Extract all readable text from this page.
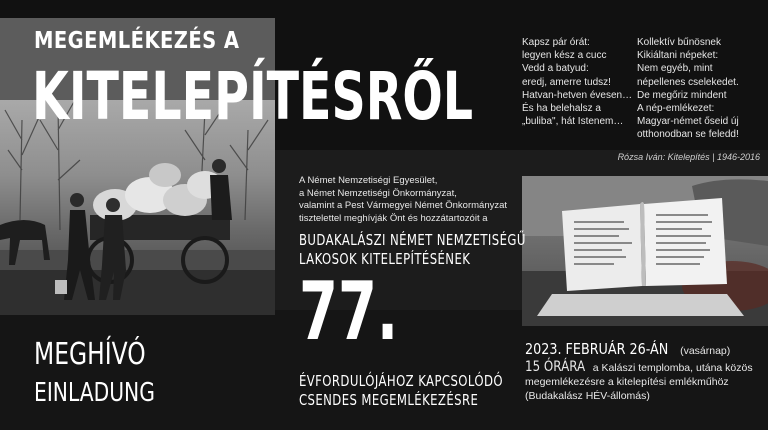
MEGEMLÉKEZÉS A
KITELEPÍTÉSRŐL
Kapsz pár órát:
legyen kész a cucc
Vedd a batyud:
eredj, amerre tudsz!
Hatvan-hetven évesen…
És ha belehalsz a
„buliba", hát Istenem…
Kollektív bűnösnek
Kikiáltani népeket:
Nem egyéb, mint
népellenes cselekedet.
De megőriz mindent
A nép-emlékezet:
Magyar-német őseid új
otthonodban se feledd!
Rózsa Iván: Kitelepítés | 1946-2016
A Német Nemzetiségi Egyesület,
a Német Nemzetiségi Önkormányzat,
valamint a Pest Vármegyei Német Önkormányzat
tisztelettel meghívják Önt és hozzátartozóit a
BUDAKALÁSZI NÉMET NEMZETISÉGŰ
LAKOSOK KITELEPÍTÉSÉNEK
77.
ÉVFORDULÓJÁHOZ KAPCSOLÓDÓ
CSENDES MEGEMLÉKEZÉSRE
MEGHÍVÓ
EINLADUNG
2023. FEBRUÁR 26-ÁN (vasárnap)
15 ÓRÁRA a Kalászi templomba, utána közös
megemlékezésre a kitelepítési emlékműhöz
(Budakalász HÉV-állomás)
